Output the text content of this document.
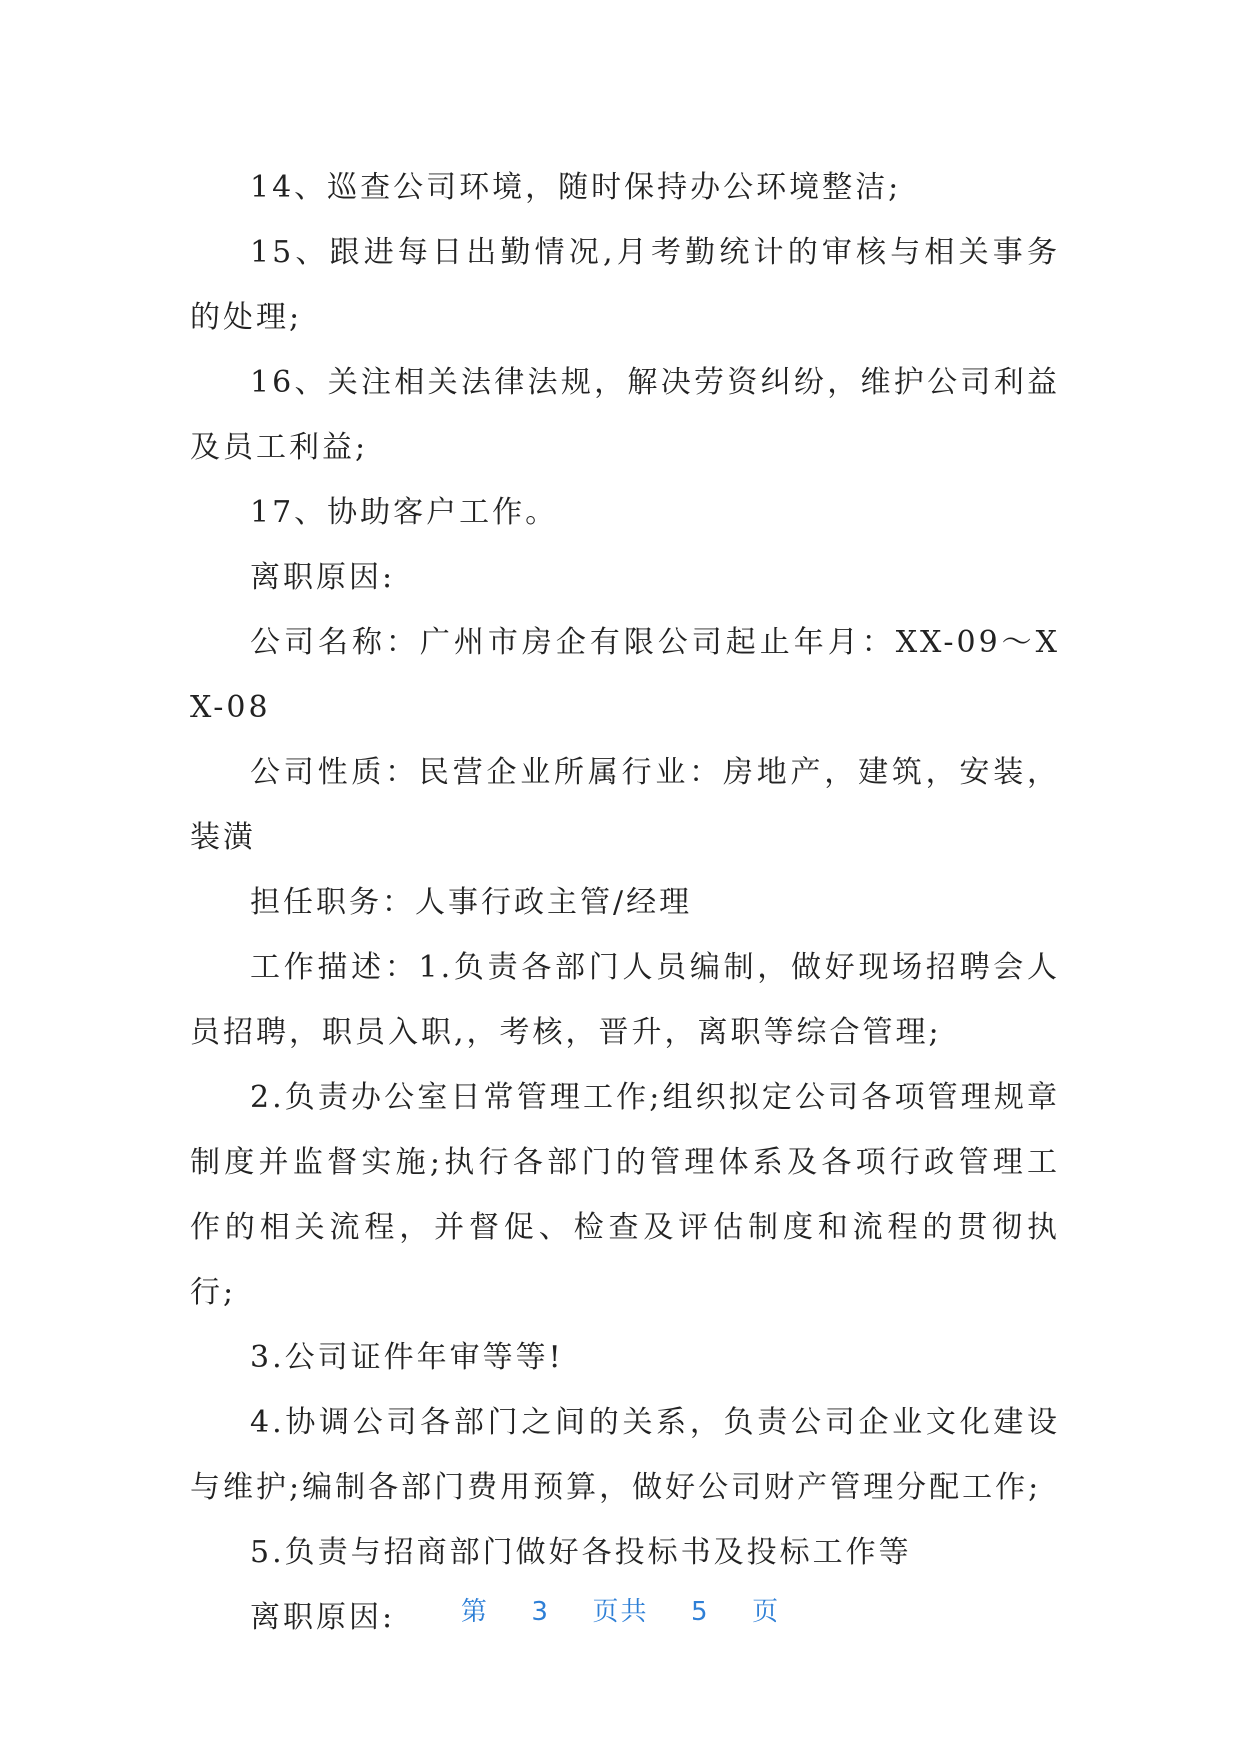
14、巡查公司环境，随时保持办公环境整洁;

15、跟进每日出勤情况,月考勤统计的审核与相关事务的处理;

16、关注相关法律法规，解决劳资纠纷，维护公司利益及员工利益;

17、协助客户工作。

离职原因:

公司名称：广州市房企有限公司起止年月：XX-09～XX-08

公司性质：民营企业所属行业：房地产，建筑，安装，装潢

担任职务：人事行政主管/经理

工作描述：1.负责各部门人员编制，做好现场招聘会人员招聘，职员入职,，考核，晋升，离职等综合管理;

2.负责办公室日常管理工作;组织拟定公司各项管理规章制度并监督实施;执行各部门的管理体系及各项行政管理工作的相关流程，并督促、检查及评估制度和流程的贯彻执行;

3.公司证件年审等等!

4.协调公司各部门之间的关系，负责公司企业文化建设与维护;编制各部门费用预算，做好公司财产管理分配工作;

5.负责与招商部门做好各投标书及投标工作等

离职原因:	第 3 页共 5 页
